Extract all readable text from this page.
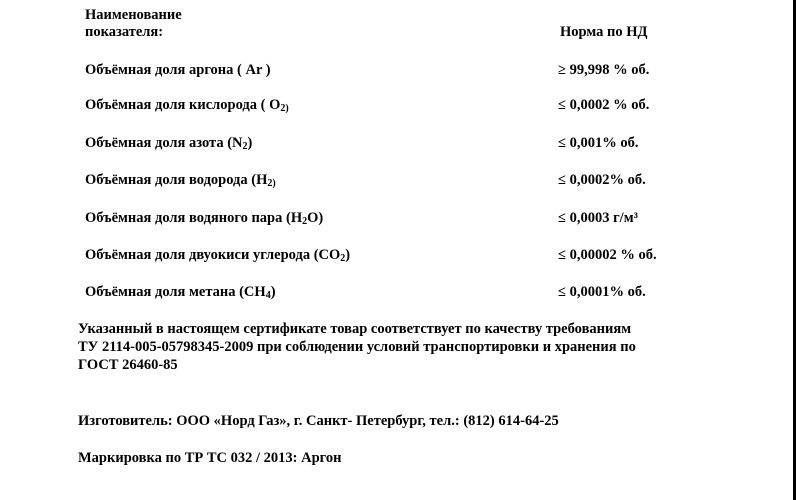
Наименование
показателя:	Норма по НД
Объёмная доля аргона ( Ar )	≥ 99,998 % об.
Объёмная доля кислорода ( $O_{2)}$	≤ 0,0002 % об.
Объёмная доля азота $(N_2)$	≤ 0,001% об.
Объёмная доля водорода ($H_{2)}$	≤ 0,0002% об.
Объёмная доля водяного пара $(H_2O)$	≤ 0,0003 г/м³
Объёмная доля двуокиси углерода $(CO_2)$	≤ 0,00002 % об.
Объёмная доля метана $(CH_4)$	≤ 0,0001% об.
Указанный в настоящем сертификате товар соответствует по качеству требованиям
ТУ 2114-005-05798345-2009 при соблюдении условий транспортировки и хранения по
ГОСТ 26460-85
Изготовитель: ООО «Норд Газ», г. Санкт- Петербург, тел.: (812) 614-64-25
Маркировка по ТР ТС 032 / 2013: Аргон
